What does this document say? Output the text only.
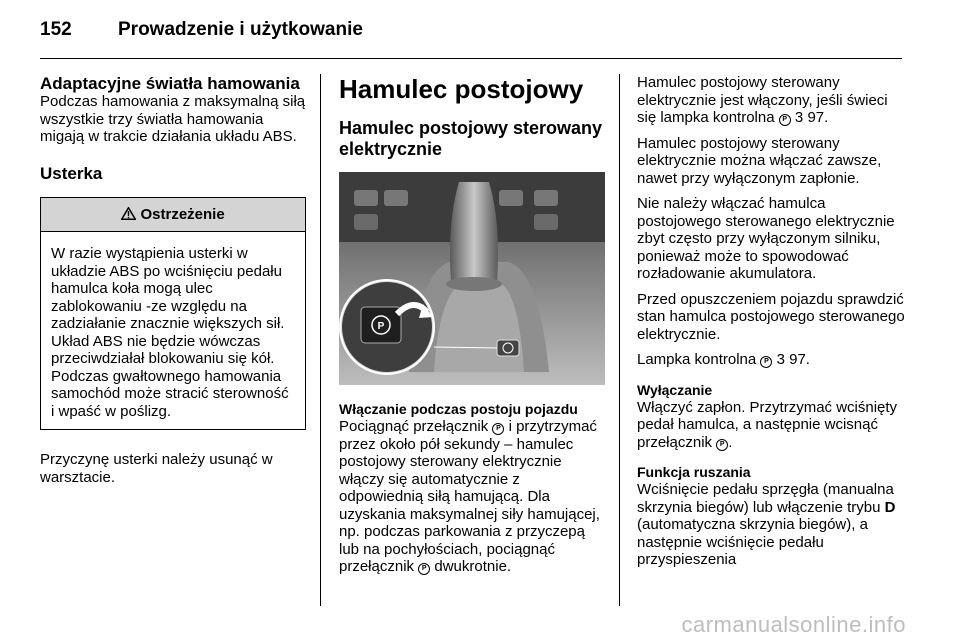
152	Prowadzenie i użytkowanie
Adaptacyjne światła hamowania

Podczas hamowania z maksymalną siłą wszystkie trzy światła hamowania migają w trakcie działania układu ABS.

Usterka
Ostrzeżenie
W razie wystąpienia usterki w układzie ABS po wciśnięciu pedału hamulca koła mogą ulec zablokowaniu -ze względu na zadziałanie znacznie większych sił. Układ ABS nie będzie wówczas przeciwdziałał blokowaniu się kół. Podczas gwałtownego hamowania samochód może stracić sterowność i wpaść w poślizg.

Przyczynę usterki należy usunąć w warsztacie.

Hamulec postojowy
Hamulec postojowy sterowany elektrycznie
P
Włączanie podczas postoju pojazdu

Pociągnąć przełącznik P i przytrzymać przez około pół sekundy – hamulec postojowy sterowany elektrycznie włączy się automatycznie z odpowiednią siłą hamującą. Dla uzyskania maksymalnej siły hamującej, np. podczas parkowania z przyczepą lub na pochyłościach, pociągnąć przełącznik P dwukrotnie.

Hamulec postojowy sterowany elektrycznie jest włączony, jeśli świeci się lampka kontrolna P 3 97.

Hamulec postojowy sterowany elektrycznie można włączać zawsze, nawet przy wyłączonym zapłonie.

Nie należy włączać hamulca postojowego sterowanego elektrycznie zbyt często przy wyłączonym silniku, ponieważ może to spowodować rozładowanie akumulatora.

Przed opuszczeniem pojazdu sprawdzić stan hamulca postojowego sterowanego elektrycznie.

Lampka kontrolna P 3 97.

Wyłączanie

Włączyć zapłon. Przytrzymać wciśnięty pedał hamulca, a następnie wcisnąć przełącznik P .

Funkcja ruszania

Wciśnięcie pedału sprzęgła (manualna skrzynia biegów) lub włączenie trybu D (automatyczna skrzynia biegów), a następnie wciśnięcie pedału przyspieszenia

carmanualsonline.info
